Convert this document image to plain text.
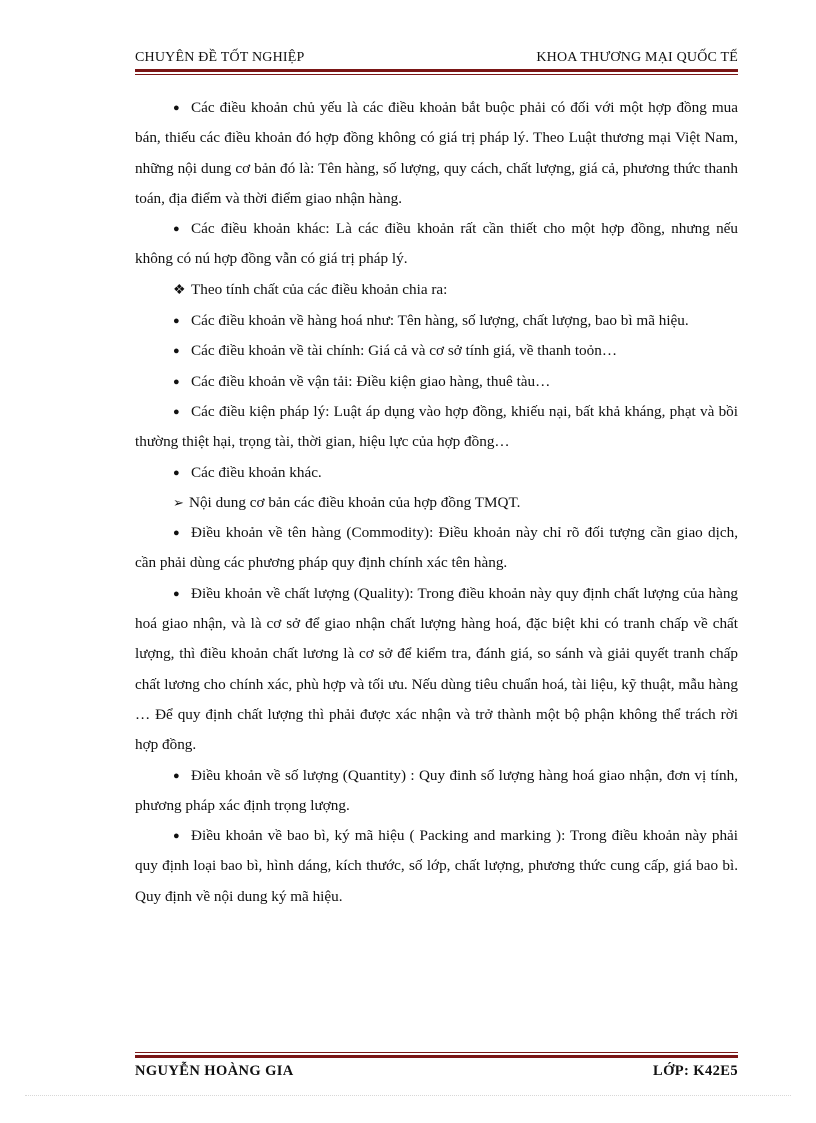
CHUYÊN ĐỀ TỐT NGHIỆP	KHOA THƯƠNG MẠI QUỐC TẾ

● Các điều khoản chủ yếu là các điều khoản bắt buộc phải có đối với một hợp đồng mua bán, thiếu các điều khoản đó hợp đồng không có giá trị pháp lý. Theo Luật thương mại Việt Nam, những nội dung cơ bản đó là: Tên hàng, số lượng, quy cách, chất lượng, giá cả, phương thức thanh toán, địa điểm và thời điểm giao nhận hàng.

● Các điều khoản khác: Là các điều khoản rất cần thiết cho một hợp đồng, nhưng nếu không có nú hợp đồng vẫn có giá trị pháp lý.

❖ Theo tính chất của các điều khoản chia ra:

● Các điều khoản về hàng hoá như: Tên hàng, số lượng, chất lượng, bao bì mã hiệu.

● Các điều khoản về tài chính: Giá cả và cơ sở tính giá, về thanh toỏn…

● Các điều khoản về vận tải: Điều kiện giao hàng, thuê tàu…

● Các điều kiện pháp lý: Luật áp dụng vào hợp đồng, khiếu nại, bất khả kháng, phạt và bồi thường thiệt hại, trọng tài, thời gian, hiệu lực của hợp đồng…

● Các điều khoản khác.

➢ Nội dung cơ bản các điều khoản của hợp đồng TMQT.

● Điều khoản về tên hàng (Commodity): Điều khoản này chỉ rõ đối tượng cần giao dịch, cần phải dùng các phương pháp quy định chính xác tên hàng.

● Điều khoản về chất lượng (Quality): Trong điều khoản này quy định chất lượng của hàng hoá giao nhận, và là cơ sở để giao nhận chất lượng hàng hoá, đặc biệt khi có tranh chấp về chất lượng, thì điều khoản chất lương là cơ sở để kiểm tra, đánh giá, so sánh và giải quyết tranh chấp chất lương cho chính xác, phù hợp và tối ưu. Nếu dùng tiêu chuẩn hoá, tài liệu, kỹ thuật, mẫu hàng … Để quy định chất lượng thì phải được xác nhận và trở thành một bộ phận không thể trách rời hợp đồng.

● Điều khoản về số lượng (Quantity) : Quy đinh số lượng hàng hoá giao nhận, đơn vị tính, phương pháp xác định trọng lượng.

● Điều khoản về bao bì, ký mã hiệu ( Packing and marking ): Trong điều khoản này phải quy định loại bao bì, hình dáng, kích thước, số lớp, chất lượng, phương thức cung cấp, giá bao bì. Quy định về nội dung ký mã hiệu.

NGUYỄN HOÀNG GIA	LỚP: K42E5
